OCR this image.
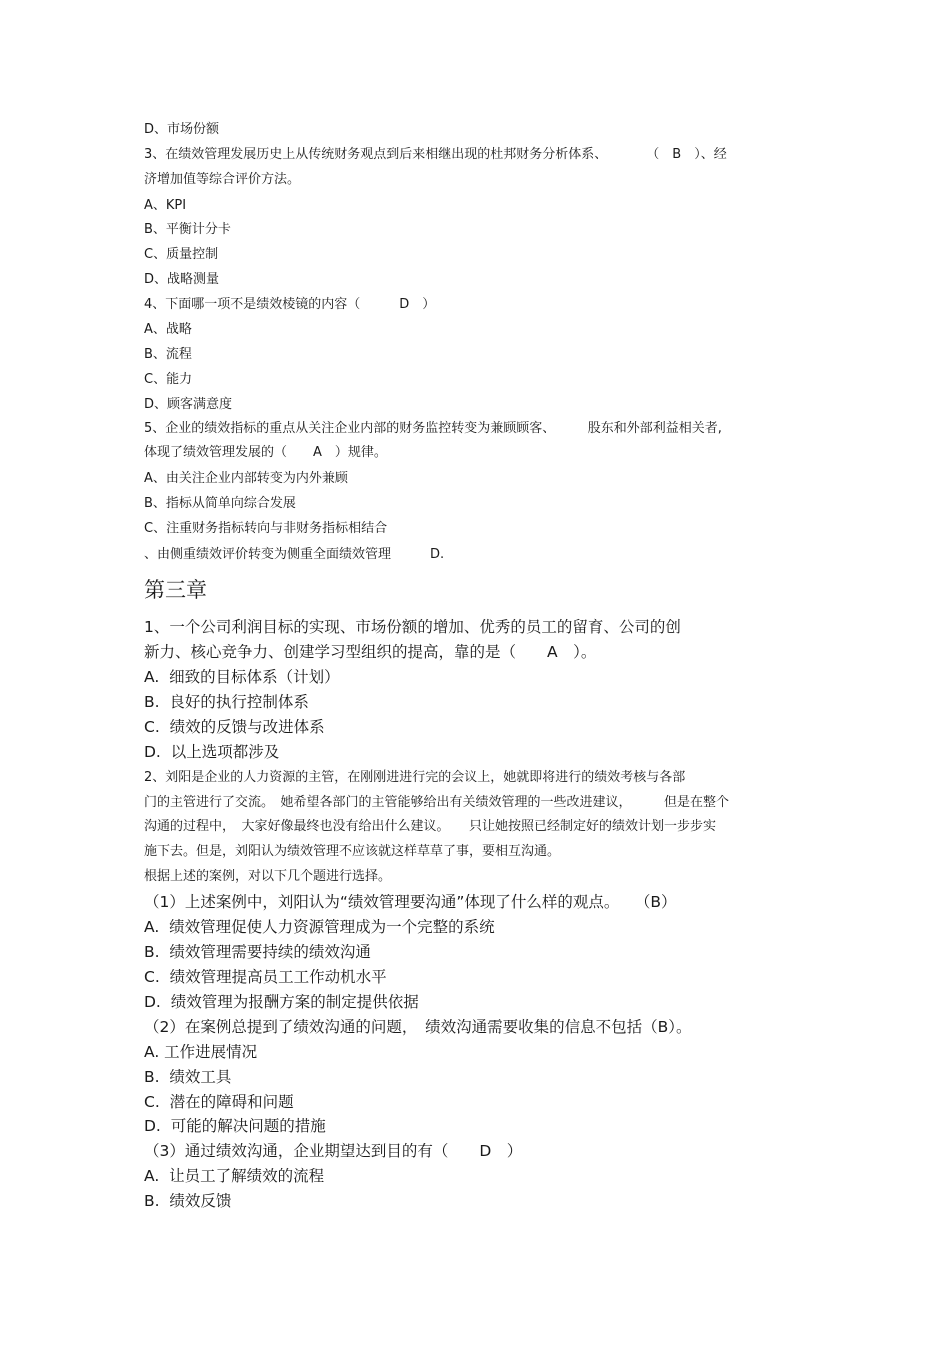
D、市场份额
3、在绩效管理发展历史上从传统财务观点到后来相继出现的杜邦财务分析体系、　　　　（　B　）、经
济增加值等综合评价方法。
A、KPI
B、平衡计分卡
C、质量控制
D、战略测量
4、下面哪一项不是绩效棱镜的内容（　　　D　）
A、战略
B、流程
C、能力
D、顾客满意度
5、企业的绩效指标的重点从关注企业内部的财务监控转变为兼顾顾客、　　　股东和外部利益相关者,
体现了绩效管理发展的（　　A　）规律。
A、由关注企业内部转变为内外兼顾
B、指标从简单向综合发展
C、注重财务指标转向与非财务指标相结合
、由侧重绩效评价转变为侧重全面绩效管理　　　D.
第三章
1、一个公司利润目标的实现、市场份额的增加、优秀的员工的留育、公司的创
新力、核心竞争力、创建学习型组织的提高，靠的是（　　A　）。
A.  细致的目标体系（计划）
B.  良好的执行控制体系
C.  绩效的反馈与改进体系
D.  以上选项都涉及
2、刘阳是企业的人力资源的主管，在刚刚进进行完的会议上，她就即将进行的绩效考核与各部
门的主管进行了交流。　她希望各部门的主管能够给出有关绩效管理的一些改进建议，　　　但是在整个
沟通的过程中，　大家好像最终也没有给出什么建议。　　只让她按照已经制定好的绩效计划一步步实
施下去。但是，刘阳认为绩效管理不应该就这样草草了事，要相互沟通。
根据上述的案例，对以下几个题进行选择。
（1）上述案例中，刘阳认为“绩效管理要沟通”体现了什么样的观点。　　（B）
A.  绩效管理促使人力资源管理成为一个完整的系统
B.  绩效管理需要持续的绩效沟通
C.  绩效管理提高员工工作动机水平
D.  绩效管理为报酬方案的制定提供依据
（2）在案例总提到了绩效沟通的问题，　绩效沟通需要收集的信息不包括（B）。
A. 工作进展情况
B.  绩效工具
C.  潜在的障碍和问题
D.  可能的解决问题的措施
（3）通过绩效沟通，企业期望达到目的有（　　D　）
A.  让员工了解绩效的流程
B.  绩效反馈
